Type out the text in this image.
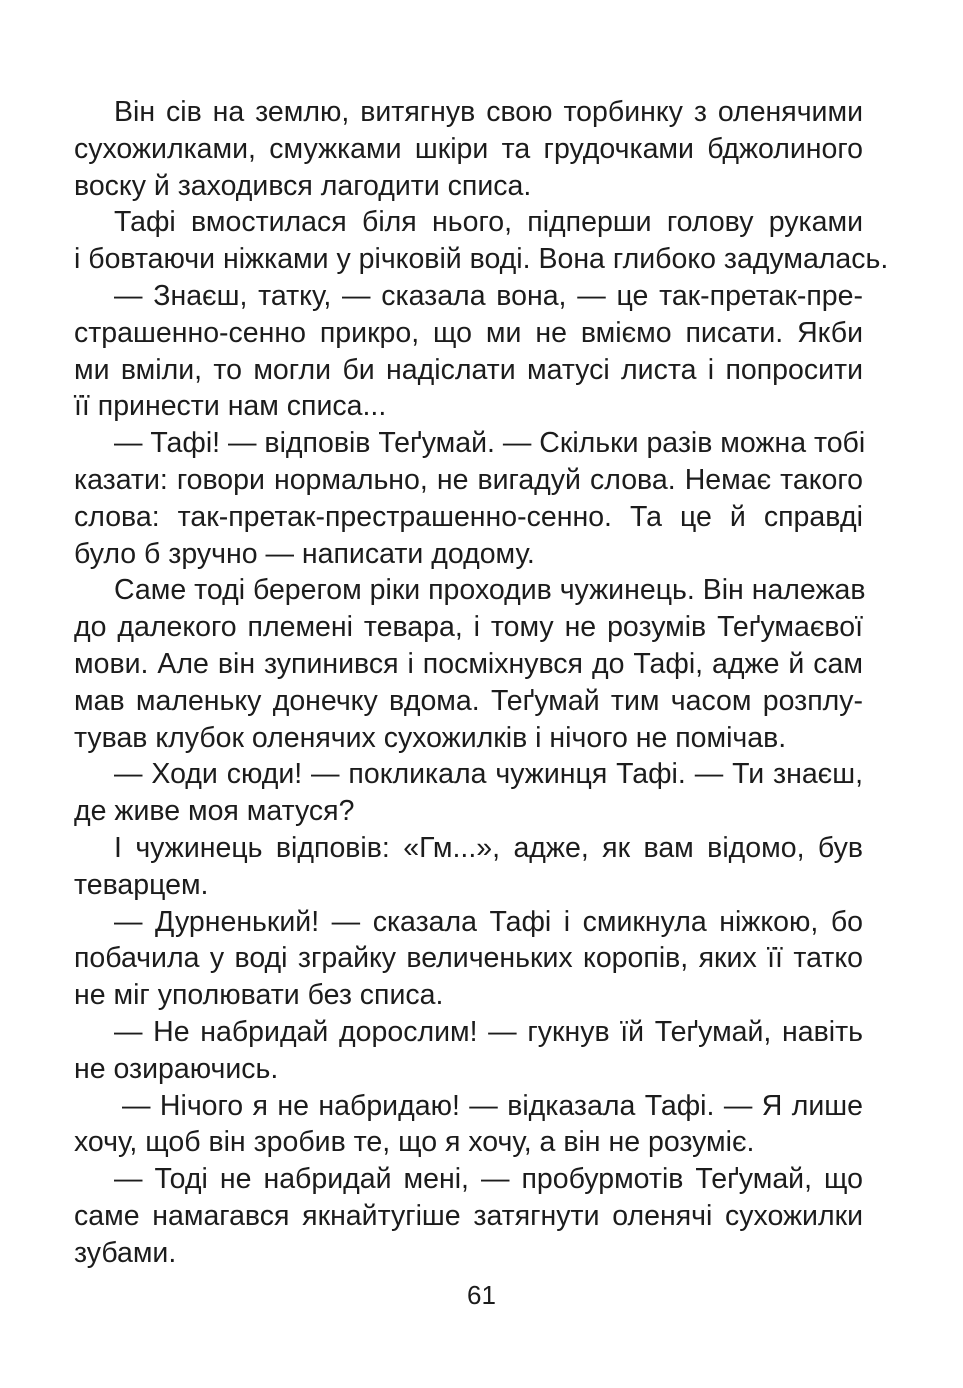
Він сів на землю, витягнув свою торбинку з оленячими
сухожилками, смужками шкіри та грудочками бджолиного
воску й заходився лагодити списа.
Тафі вмостилася біля нього, підперши голову руками
і бовтаючи ніжками у річковій воді. Вона глибоко задумалась.
— Знаєш, татку, — сказала вона, — це так-претак-пре-
страшенно-сенно прикро, що ми не вміємо писати. Якби
ми вміли, то могли би надіслати матусі листа і попросити
її принести нам списа...
— Тафі! — відповів Теґумай. — Скільки разів можна тобі
казати: говори нормально, не вигадуй слова. Немає такого
слова: так-претак-престрашенно-сенно. Та це й справді
було б зручно — написати додому.
Саме тоді берегом ріки проходив чужинець. Він належав
до далекого племені тевара, і тому не розумів Теґумаєвої
мови. Але він зупинився і посміхнувся до Тафі, адже й сам
мав маленьку донечку вдома. Теґумай тим часом розплу-
тував клубок оленячих сухожилків і нічого не помічав.
— Ходи сюди! — покликала чужинця Тафі. — Ти знаєш,
де живе моя матуся?
І чужинець відповів: «Гм...», адже, як вам відомо, був
теварцем.
— Дурненький! — сказала Тафі і смикнула ніжкою, бо
побачила у воді зграйку величеньких коропів, яких її татко
не міг уполювати без списа.
— Не набридай дорослим! — гукнув їй Теґумай, навіть
не озираючись.
— Нічого я не набридаю! — відказала Тафі. — Я лише
хочу, щоб він зробив те, що я хочу, а він не розуміє.
— Тоді не набридай мені, — пробурмотів Теґумай, що
саме намагався якнайтугіше затягнути оленячі сухожилки
зубами.
61
